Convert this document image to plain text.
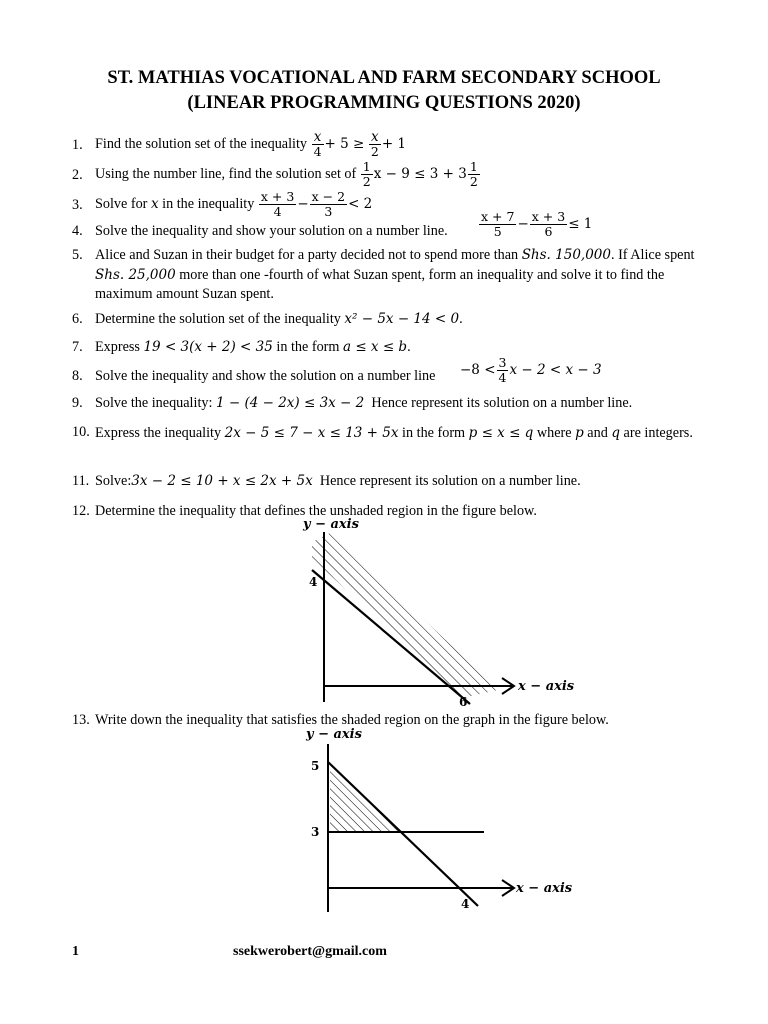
ST. MATHIAS VOCATIONAL AND FARM SECONDARY SCHOOL
(LINEAR PROGRAMMING QUESTIONS 2020)
1. Find the solution set of the inequality $\frac{x}{4} + 5 \ge \frac{x}{2} + 1$
2. Using the number line, find the solution set of $\frac{1}{2}$ $x - 9 \le 3 + 3 \frac{1}{2}$
3. Solve for x in the inequality $\frac{x + 3}{4} - \frac{x - 2}{3} < 2$
4. Solve the inequality and show your solution on a number line.	$\frac{x + 7}{5} - \frac{x + 3}{6} \le 1$
5. Alice and Suzan in their budget for a party decided not to spend more than Shs. 150,000. If Alice spent Shs. 25,000 more than one -fourth of what Suzan spent, form an inequality and solve it to find the maximum amount Suzan spent.
6. Determine the solution set of the inequality x² − 5x − 14 < 0.
7. Express 19 < 3(x + 2) < 35 in the form a ≤ x ≤ b.
8. Solve the inequality and show the solution on a number line	$-8 < \frac{3}{4}$ x − 2 < x − 3
9. Solve the inequality: 1 − (4 − 2x) ≤ 3x − 2 Hence represent its solution on a number line.
10. Express the inequality 2x − 5 ≤ 7 − x ≤ 13 + 5x in the form p ≤ x ≤ q where p and q are integers.
11. Solve:3x − 2 ≤ 10 + x ≤ 2x + 5x Hence represent its solution on a number line.
12. Determine the inequality that defines the unshaded region in the figure below.
y − axis
x − axis
4
6
13. Write down the inequality that satisfies the shaded region on the graph in the figure below.
y − axis
x − axis
5
3
4
1	ssekwerobert@gmail.com
